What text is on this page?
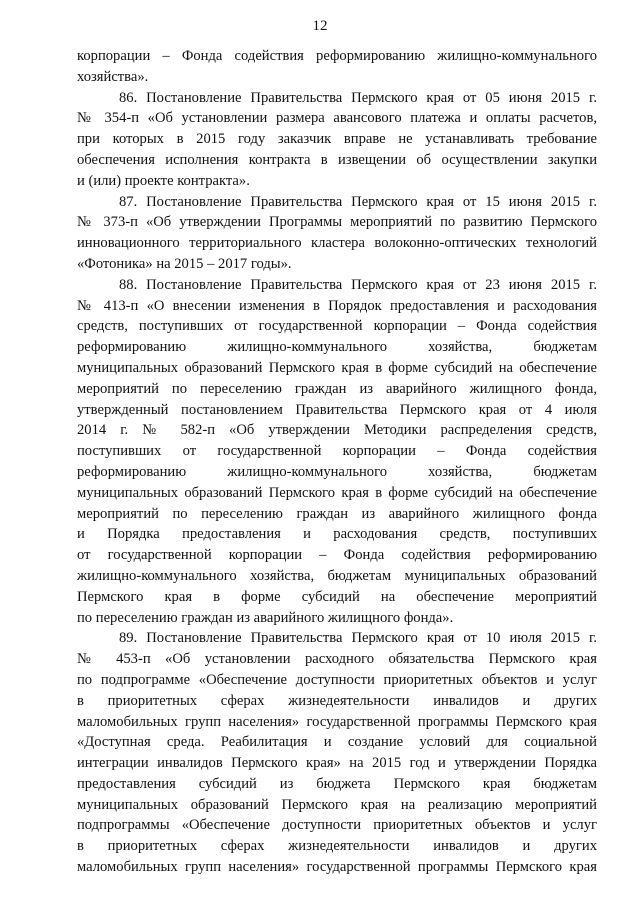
12
корпорации – Фонда содействия реформированию жилищно-коммунального
хозяйства».
86. Постановление Правительства Пермского края от 05 июня 2015 г.
№ 354-п «Об установлении размера авансового платежа и оплаты расчетов,
при которых в 2015 году заказчик вправе не устанавливать требование
обеспечения исполнения контракта в извещении об осуществлении закупки
и (или) проекте контракта».
87. Постановление Правительства Пермского края от 15 июня 2015 г.
№ 373-п «Об утверждении Программы мероприятий по развитию Пермского
инновационного территориального кластера волоконно-оптических технологий
«Фотоника» на 2015 – 2017 годы».
88. Постановление Правительства Пермского края от 23 июня 2015 г.
№ 413-п «О внесении изменения в Порядок предоставления и расходования
средств, поступивших от государственной корпорации – Фонда содействия
реформированию жилищно-коммунального хозяйства, бюджетам
муниципальных образований Пермского края в форме субсидий на обеспечение
мероприятий по переселению граждан из аварийного жилищного фонда,
утвержденный постановлением Правительства Пермского края от 4 июля
2014 г. № 582-п «Об утверждении Методики распределения средств,
поступивших от государственной корпорации – Фонда содействия
реформированию жилищно-коммунального хозяйства, бюджетам
муниципальных образований Пермского края в форме субсидий на обеспечение
мероприятий по переселению граждан из аварийного жилищного фонда
и Порядка предоставления и расходования средств, поступивших
от государственной корпорации – Фонда содействия реформированию
жилищно-коммунального хозяйства, бюджетам муниципальных образований
Пермского края в форме субсидий на обеспечение мероприятий
по переселению граждан из аварийного жилищного фонда».
89. Постановление Правительства Пермского края от 10 июля 2015 г.
№ 453-п «Об установлении расходного обязательства Пермского края
по подпрограмме «Обеспечение доступности приоритетных объектов и услуг
в приоритетных сферах жизнедеятельности инвалидов и других
маломобильных групп населения» государственной программы Пермского края
«Доступная среда. Реабилитация и создание условий для социальной
интеграции инвалидов Пермского края» на 2015 год и утверждении Порядка
предоставления субсидий из бюджета Пермского края бюджетам
муниципальных образований Пермского края на реализацию мероприятий
подпрограммы «Обеспечение доступности приоритетных объектов и услуг
в приоритетных сферах жизнедеятельности инвалидов и других
маломобильных групп населения» государственной программы Пермского края
